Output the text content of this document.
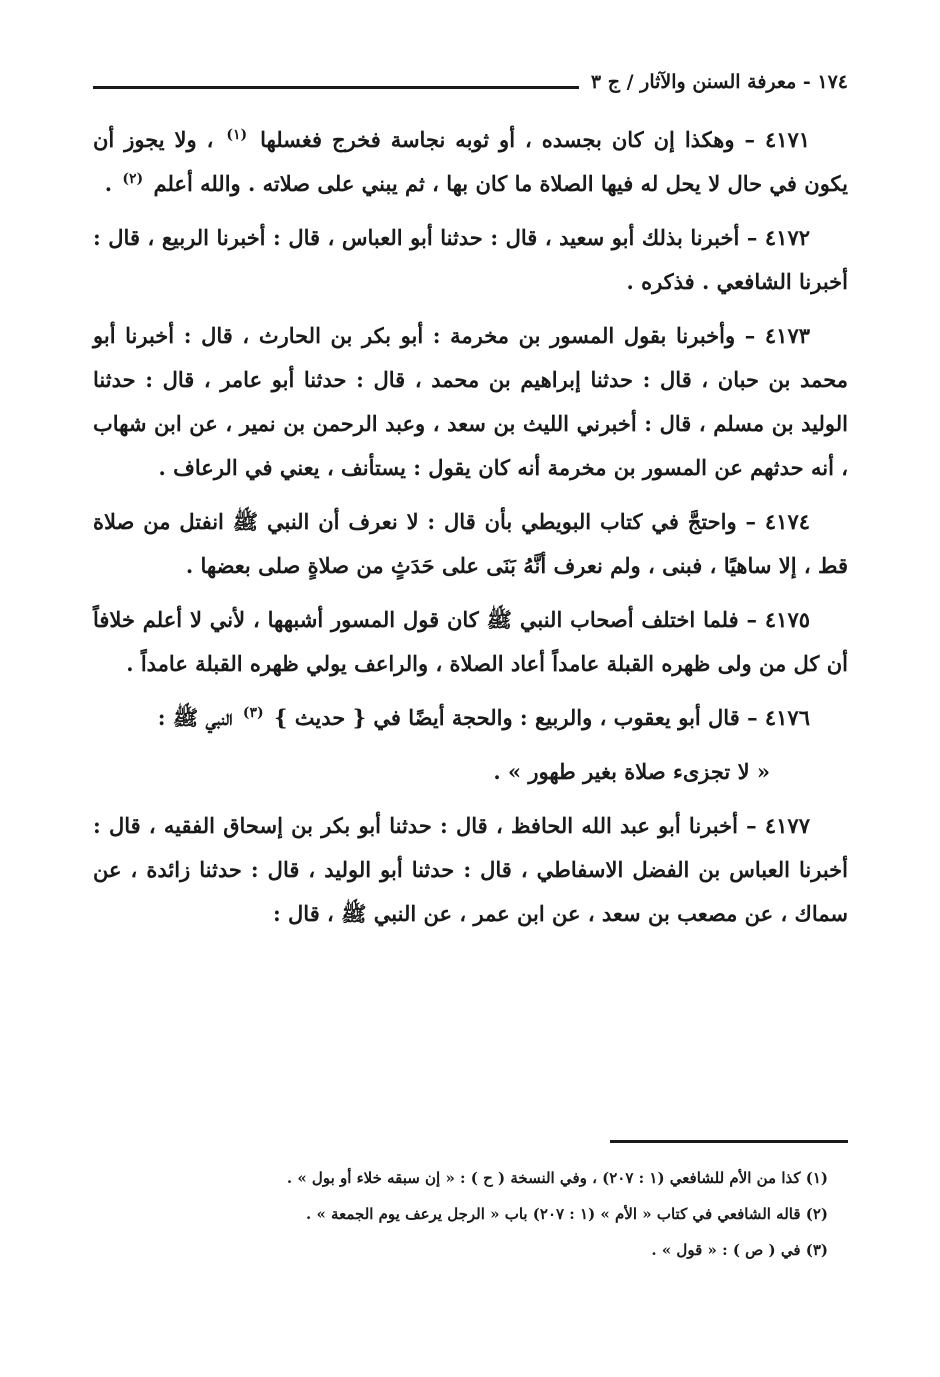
١٧٤ - معرفة السنن والآثار / ج ٣

٤١٧١ – وهكذا إن كان بجسده ، أو ثوبه نجاسة فخرج فغسلها $^{(١)}$ ، ولا يجوز أن يكون في حال لا يحل له فيها الصلاة ما كان بها ، ثم يبني على صلاته . والله أعلم $^{(٢)}$ .

٤١٧٢ – أخبرنا بذلك أبو سعيد ، قال : حدثنا أبو العباس ، قال : أخبرنا الربيع ، قال : أخبرنا الشافعي . فذكره .

٤١٧٣ – وأخبرنا بقول المسور بن مخرمة : أبو بكر بن الحارث ، قال : أخبرنا أبو محمد بن حبان ، قال : حدثنا إبراهيم بن محمد ، قال : حدثنا أبو عامر ، قال : حدثنا الوليد بن مسلم ، قال : أخبرني الليث بن سعد ، وعبد الرحمن بن نمير ، عن ابن شهاب ، أنه حدثهم عن المسور بن مخرمة أنه كان يقول : يستأنف ، يعني في الرعاف .

٤١٧٤ – واحتجَّ في كتاب البويطي بأن قال : لا نعرف أن النبي ﷺ انفتل من صلاة قط ، إلا ساهيًا ، فبنى ، ولم نعرف أنَّهُ بَنَى على حَدَثٍ من صلاةٍ صلى بعضها .

٤١٧٥ – فلما اختلف أصحاب النبي ﷺ كان قول المسور أشبهها ، لأني لا أعلم خلافاً أن كل من ولى ظهره القبلة عامداً أعاد الصلاة ، والراعف يولي ظهره القبلة عامداً .

٤١٧٦ – قال أبو يعقوب ، والربيع : والحجة أيضًا في { حديث } $^{(٣)}$ النبي ﷺ :

« لا تجزىء صلاة بغير طهور » .

٤١٧٧ – أخبرنا أبو عبد الله الحافظ ، قال : حدثنا أبو بكر بن إسحاق الفقيه ، قال : أخبرنا العباس بن الفضل الاسفاطي ، قال : حدثنا أبو الوليد ، قال : حدثنا زائدة ، عن سماك ، عن مصعب بن سعد ، عن ابن عمر ، عن النبي ﷺ ، قال :

(١) كذا من الأم للشافعي (١ : ٢٠٧) ، وفي النسخة ( ح ) : « إن سبقه خلاء أو بول » .

(٢) قاله الشافعي في كتاب « الأم » (١ : ٢٠٧) باب « الرجل يرعف يوم الجمعة » .

(٣) في ( ص ) : « قول » .
